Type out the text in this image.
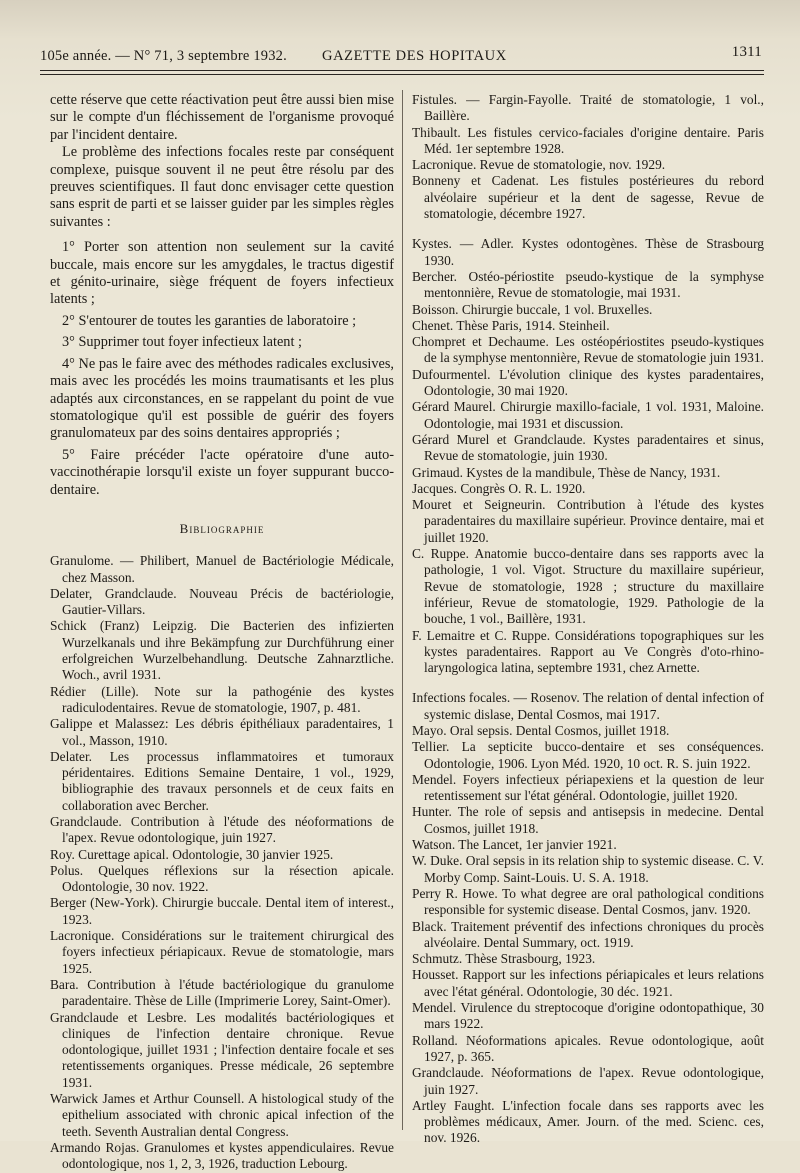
105e année. — N° 71, 3 septembre 1932. GAZETTE DES HOPITAUX	1311

cette réserve que cette réactivation peut être aussi bien mise sur le compte d'un fléchissement de l'organisme provoqué par l'incident dentaire.

Le problème des infections focales reste par conséquent complexe, puisque souvent il ne peut être résolu par des preuves scientifiques. Il faut donc envisager cette question sans esprit de parti et se laisser guider par les simples règles suivantes :

1° Porter son attention non seulement sur la cavité buccale, mais encore sur les amygdales, le tractus digestif et génito-urinaire, siège fréquent de foyers infectieux latents ;

2° S'entourer de toutes les garanties de laboratoire ;

3° Supprimer tout foyer infectieux latent ;

4° Ne pas le faire avec des méthodes radicales exclusives, mais avec les procédés les moins traumatisants et les plus adaptés aux circonstances, en se rappelant du point de vue stomatologique qu'il est possible de guérir des foyers granulomateux par des soins dentaires appropriés ;

5° Faire précéder l'acte opératoire d'une auto-vaccinothérapie lorsqu'il existe un foyer suppurant bucco-dentaire.

Bibliographie

Granulome. — Philibert, Manuel de Bactériologie Médicale, chez Masson.

Delater, Grandclaude. Nouveau Précis de bactériologie, Gautier-Villars.

Schick (Franz) Leipzig. Die Bacterien des infizierten Wurzelkanals und ihre Bekämpfung zur Durchführung einer erfolgreichen Wurzelbehandlung. Deutsche Zahnarztliche. Woch., avril 1931.

Rédier (Lille). Note sur la pathogénie des kystes radiculodentaires. Revue de stomatologie, 1907, p. 481.

Galippe et Malassez: Les débris épithéliaux paradentaires, 1 vol., Masson, 1910.

Delater. Les processus inflammatoires et tumoraux péridentaires. Editions Semaine Dentaire, 1 vol., 1929, bibliographie des travaux personnels et de ceux faits en collaboration avec Bercher.

Grandclaude. Contribution à l'étude des néoformations de l'apex. Revue odontologique, juin 1927.

Roy. Curettage apical. Odontologie, 30 janvier 1925.

Polus. Quelques réflexions sur la résection apicale. Odontologie, 30 nov. 1922.

Berger (New-York). Chirurgie buccale. Dental item of interest., 1923.

Lacronique. Considérations sur le traitement chirurgical des foyers infectieux périapicaux. Revue de stomatologie, mars 1925.

Bara. Contribution à l'étude bactériologique du granulome paradentaire. Thèse de Lille (Imprimerie Lorey, Saint-Omer).

Grandclaude et Lesbre. Les modalités bactériologiques et cliniques de l'infection dentaire chronique. Revue odontologique, juillet 1931 ; l'infection dentaire focale et ses retentissements organiques. Presse médicale, 26 septembre 1931.

Warwick James et Arthur Counsell. A histological study of the epithelium associated with chronic apical infection of the teeth. Seventh Australian dental Congress.

Armando Rojas. Granulomes et kystes appendiculaires. Revue odontologique, nos 1, 2, 3, 1926, traduction Lebourg.

Fistules. — Fargin-Fayolle. Traité de stomatologie, 1 vol., Baillère.

Thibault. Les fistules cervico-faciales d'origine dentaire. Paris Méd. 1er septembre 1928.

Lacronique. Revue de stomatologie, nov. 1929.

Bonneny et Cadenat. Les fistules postérieures du rebord alvéolaire supérieur et la dent de sagesse, Revue de stomatologie, décembre 1927.

Kystes. — Adler. Kystes odontogènes. Thèse de Strasbourg 1930.

Bercher. Ostéo-périostite pseudo-kystique de la symphyse mentonnière, Revue de stomatologie, mai 1931.

Boisson. Chirurgie buccale, 1 vol. Bruxelles.

Chenet. Thèse Paris, 1914. Steinheil.

Chompret et Dechaume. Les ostéopériostites pseudo-kystiques de la symphyse mentonnière, Revue de stomatologie juin 1931.

Dufourmentel. L'évolution clinique des kystes paradentaires, Odontologie, 30 mai 1920.

Gérard Maurel. Chirurgie maxillo-faciale, 1 vol. 1931, Maloine. Odontologie, mai 1931 et discussion.

Gérard Murel et Grandclaude. Kystes paradentaires et sinus, Revue de stomatologie, juin 1930.

Grimaud. Kystes de la mandibule, Thèse de Nancy, 1931.

Jacques. Congrès O. R. L. 1920.

Mouret et Seigneurin. Contribution à l'étude des kystes paradentaires du maxillaire supérieur. Province dentaire, mai et juillet 1920.

C. Ruppe. Anatomie bucco-dentaire dans ses rapports avec la pathologie, 1 vol. Vigot. Structure du maxillaire supérieur, Revue de stomatologie, 1928 ; structure du maxillaire inférieur, Revue de stomatologie, 1929. Pathologie de la bouche, 1 vol., Baillère, 1931.

F. Lemaitre et C. Ruppe. Considérations topographiques sur les kystes paradentaires. Rapport au Ve Congrès d'oto-rhino-laryngologica latina, septembre 1931, chez Arnette.

Infections focales. — Rosenov. The relation of dental infection of systemic dislase, Dental Cosmos, mai 1917.

Mayo. Oral sepsis. Dental Cosmos, juillet 1918.

Tellier. La septicite bucco-dentaire et ses conséquences. Odontologie, 1906. Lyon Méd. 1920, 10 oct. R. S. juin 1922.

Mendel. Foyers infectieux périapexiens et la question de leur retentissement sur l'état général. Odontologie, juillet 1920.

Hunter. The role of sepsis and antisepsis in medecine. Dental Cosmos, juillet 1918.

Watson. The Lancet, 1er janvier 1921.

W. Duke. Oral sepsis in its relation ship to systemic disease. C. V. Morby Comp. Saint-Louis. U. S. A. 1918.

Perry R. Howe. To what degree are oral pathological conditions responsible for systemic disease. Dental Cosmos, janv. 1920.

Black. Traitement préventif des infections chroniques du procès alvéolaire. Dental Summary, oct. 1919.

Schmutz. Thèse Strasbourg, 1923.

Housset. Rapport sur les infections périapicales et leurs relations avec l'état général. Odontologie, 30 déc. 1921.

Mendel. Virulence du streptocoque d'origine odontopathique, 30 mars 1922.

Rolland. Néoformations apicales. Revue odontologique, août 1927, p. 365.

Grandclaude. Néoformations de l'apex. Revue odontologique, juin 1927.

Artley Faught. L'infection focale dans ses rapports avec les problèmes médicaux, Amer. Journ. of the med. Scienc. ces, nov. 1926.
